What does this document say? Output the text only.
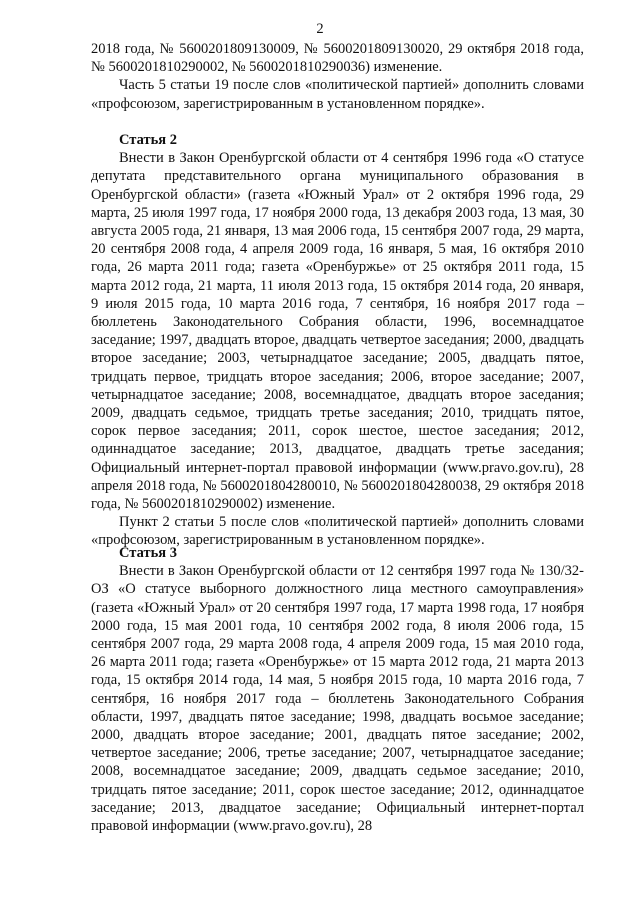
2

2018 года, № 5600201809130009, № 5600201809130020, 29 октября 2018 года, № 5600201810290002, № 5600201810290036) изменение.

Часть 5 статьи 19 после слов «политической партией» дополнить словами «профсоюзом, зарегистрированным в установленном порядке».

Статья 2

Внести в Закон Оренбургской области от 4 сентября 1996 года «О статусе депутата представительного органа муниципального образования в Оренбургской области» (газета «Южный Урал» от 2 октября 1996 года, 29 марта, 25 июля 1997 года, 17 ноября 2000 года, 13 декабря 2003 года, 13 мая, 30 августа 2005 года, 21 января, 13 мая 2006 года, 15 сентября 2007 года, 29 марта, 20 сентября 2008 года, 4 апреля 2009 года, 16 января, 5 мая, 16 октября 2010 года, 26 марта 2011 года; газета «Оренбуржье» от 25 октября 2011 года, 15 марта 2012 года, 21 марта, 11 июля 2013 года, 15 октября 2014 года, 20 января, 9 июля 2015 года, 10 марта 2016 года, 7 сентября, 16 ноября 2017 года – бюллетень Законодательного Собрания области, 1996, восемнадцатое заседание; 1997, двадцать второе, двадцать четвертое заседания; 2000, двадцать второе заседание; 2003, четырнадцатое заседание; 2005, двадцать пятое, тридцать первое, тридцать второе заседания; 2006, второе заседание; 2007, четырнадцатое заседание; 2008, восемнадцатое, двадцать второе заседания; 2009, двадцать седьмое, тридцать третье заседания; 2010, тридцать пятое, сорок первое заседания; 2011, сорок шестое, шестое заседания; 2012, одиннадцатое заседание; 2013, двадцатое, двадцать третье заседания; Официальный интернет-портал правовой информации (www.pravo.gov.ru), 28 апреля 2018 года, № 5600201804280010, № 5600201804280038, 29 октября 2018 года, № 5600201810290002) изменение.

Пункт 2 статьи 5 после слов «политической партией» дополнить словами «профсоюзом, зарегистрированным в установленном порядке».

Статья 3

Внести в Закон Оренбургской области от 12 сентября 1997 года № 130/32-ОЗ «О статусе выборного должностного лица местного самоуправления» (газета «Южный Урал» от 20 сентября 1997 года, 17 марта 1998 года, 17 ноября 2000 года, 15 мая 2001 года, 10 сентября 2002 года, 8 июля 2006 года, 15 сентября 2007 года, 29 марта 2008 года, 4 апреля 2009 года, 15 мая 2010 года, 26 марта 2011 года; газета «Оренбуржье» от 15 марта 2012 года, 21 марта 2013 года, 15 октября 2014 года, 14 мая, 5 ноября 2015 года, 10 марта 2016 года, 7 сентября, 16 ноября 2017 года – бюллетень Законодательного Собрания области, 1997, двадцать пятое заседание; 1998, двадцать восьмое заседание; 2000, двадцать второе заседание; 2001, двадцать пятое заседание; 2002, четвертое заседание; 2006, третье заседание; 2007, четырнадцатое заседание; 2008, восемнадцатое заседание; 2009, двадцать седьмое заседание; 2010, тридцать пятое заседание; 2011, сорок шестое заседание; 2012, одиннадцатое заседание; 2013, двадцатое заседание; Официальный интернет-портал правовой информации (www.pravo.gov.ru), 28
